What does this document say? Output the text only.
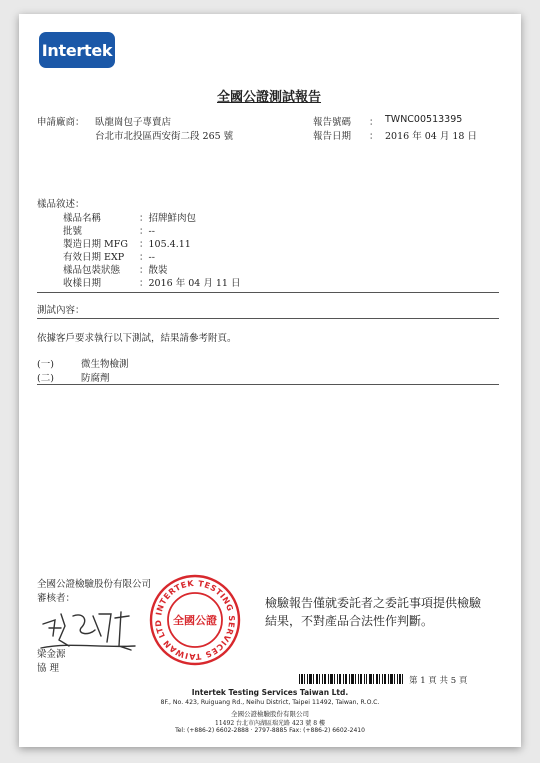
Intertek
全國公證測試報告
申請廠商： 臥龍崗包子專賣店
台北市北投區西安街二段 265 號
報告號碼 ： TWNC00513395
報告日期 ： 2016 年 04 月 18 日
樣品敘述：
樣品名稱	：招牌鮮肉包
批號	：--
製造日期 MFG ：105.4.11
有效日期 EXP ：--
樣品包裝狀態 ：散裝
收樣日期	：2016 年 04 月 11 日
測試內容：
依據客戶要求執行以下測試，結果請參考附頁。
(一)	微生物檢測
(二)	防腐劑
全國公證檢驗股份有限公司
審核者：
INTERTEK TESTING SERVICES TAIWAN LTD 全國公證
檢驗報告僅就委託者之委託事項提供檢驗
結果，不對產品合法性作判斷。
梁金源
協 理
第 1 頁 共 5 頁
Intertek Testing Services Taiwan Ltd.
8F., No. 423, Ruiguang Rd., Neihu District, Taipei 11492, Taiwan, R.O.C.
全國公證檢驗股份有限公司
11492 台北市內湖區瑞光路 423 號 8 樓
Tel: (+886-2) 6602-2888 ‧ 2797-8885 Fax: (+886-2) 6602-2410
